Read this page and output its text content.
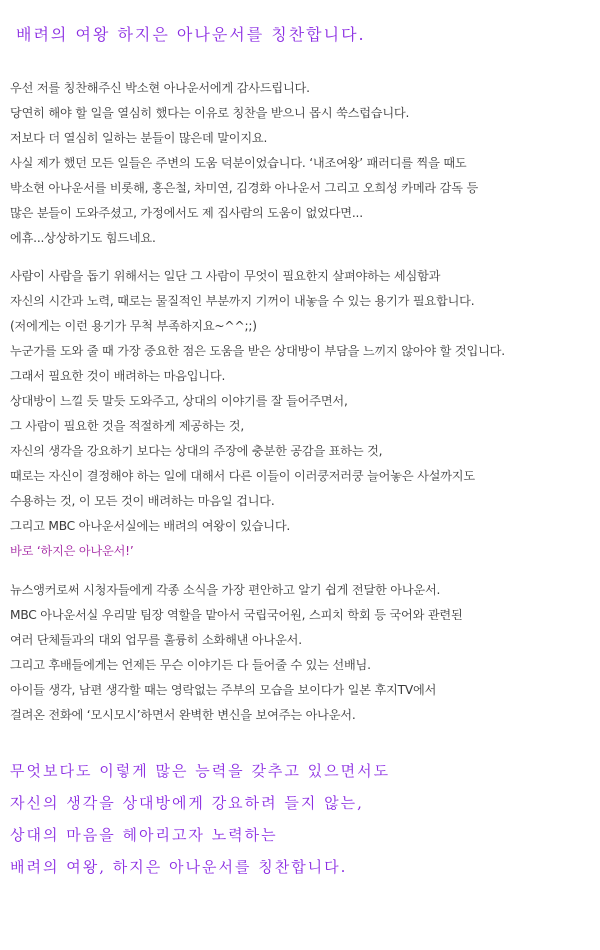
배려의 여왕 하지은 아나운서를 칭찬합니다.
우선 저를 칭찬해주신 박소현 아나운서에게 감사드립니다.
당연히 해야 할 일을 열심히 했다는 이유로 칭찬을 받으니 몹시 쑥스럽습니다.
저보다 더 열심히 일하는 분들이 많은데 말이지요.
사실 제가 했던 모든 일들은 주변의 도움 덕분이었습니다. ‘내조여왕’ 패러디를 찍을 때도
박소현 아나운서를 비롯해, 홍은철, 차미연, 김경화 아나운서 그리고 오희성 카메라 감독 등
많은 분들이 도와주셨고, 가정에서도 제 집사람의 도움이 없었다면...
에휴...상상하기도 힘드네요.
사람이 사람을 돕기 위해서는 일단 그 사람이 무엇이 필요한지 살펴야하는 세심함과
자신의 시간과 노력, 때로는 물질적인 부분까지 기꺼이 내놓을 수 있는 용기가 필요합니다.
(저에게는 이런 용기가 무척 부족하지요~^^;;)
누군가를 도와 줄 때 가장 중요한 점은 도움을 받은 상대방이 부담을 느끼지 않아야 할 것입니다.
그래서 필요한 것이 배려하는 마음입니다.
상대방이 느낄 듯 말듯 도와주고, 상대의 이야기를 잘 들어주면서,
그 사람이 필요한 것을 적절하게 제공하는 것,
자신의 생각을 강요하기 보다는 상대의 주장에 충분한 공감을 표하는 것,
때로는 자신이 결정해야 하는 일에 대해서 다른 이들이 이러쿵저러쿵 늘어놓은 사설까지도
수용하는 것, 이 모든 것이 배려하는 마음일 겁니다.
그리고 MBC 아나운서실에는 배려의 여왕이 있습니다.
바로 ‘하지은 아나운서!’
뉴스앵커로써 시청자들에게 각종 소식을 가장 편안하고 알기 쉽게 전달한 아나운서.
MBC 아나운서실 우리말 팀장 역할을 맡아서 국립국어원, 스피치 학회 등 국어와 관련된
여러 단체들과의 대외 업무를 훌륭히 소화해낸 아나운서.
그리고 후배들에게는 언제든 무슨 이야기든 다 들어줄 수 있는 선배님.
아이들 생각, 남편 생각할 때는 영락없는 주부의 모습을 보이다가 일본 후지TV에서
걸려온 전화에 ‘모시모시’하면서 완벽한 변신을 보여주는 아나운서.
무엇보다도 이렇게 많은 능력을 갖추고 있으면서도
자신의 생각을 상대방에게 강요하려 들지 않는,
상대의 마음을 헤아리고자 노력하는
배려의 여왕, 하지은 아나운서를 칭찬합니다.
